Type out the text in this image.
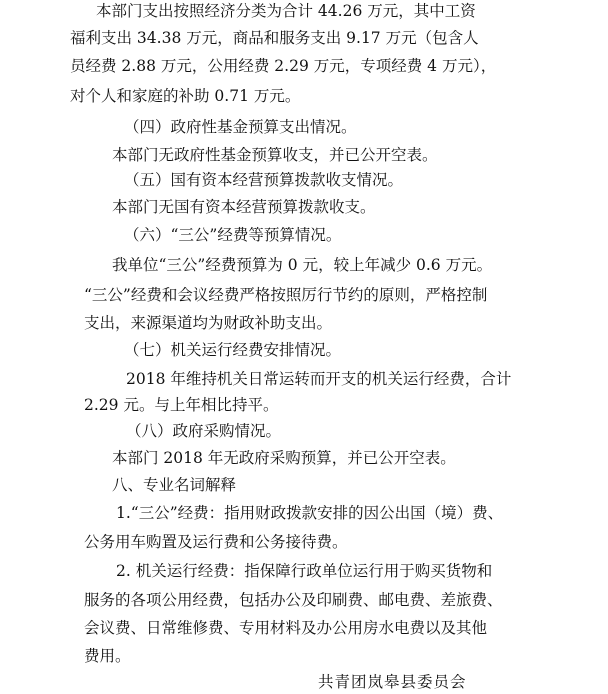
本部门支出按照经济分类为合计 44.26 万元，其中工资
福利支出 34.38 万元，商品和服务支出 9.17 万元（包含人
员经费 2.88 万元，公用经费 2.29 万元，专项经费 4 万元），
对个人和家庭的补助 0.71 万元。
（四）政府性基金预算支出情况。
本部门无政府性基金预算收支，并已公开空表。
（五）国有资本经营预算拨款收支情况。
本部门无国有资本经营预算拨款收支。
（六）“三公”经费等预算情况。
我单位“三公”经费预算为 0 元，较上年减少 0.6 万元。
“三公”经费和会议经费严格按照厉行节约的原则，严格控制
支出，来源渠道均为财政补助支出。
（七）机关运行经费安排情况。
2018 年维持机关日常运转而开支的机关运行经费，合计
2.29 元。与上年相比持平。
（八）政府采购情况。
本部门 2018 年无政府采购预算，并已公开空表。
八、专业名词解释
1.“三公”经费：指用财政拨款安排的因公出国（境）费、
公务用车购置及运行费和公务接待费。
2. 机关运行经费：指保障行政单位运行用于购买货物和
服务的各项公用经费，包括办公及印刷费、邮电费、差旅费、
会议费、日常维修费、专用材料及办公用房水电费以及其他
费用。
共青团岚皋县委员会
